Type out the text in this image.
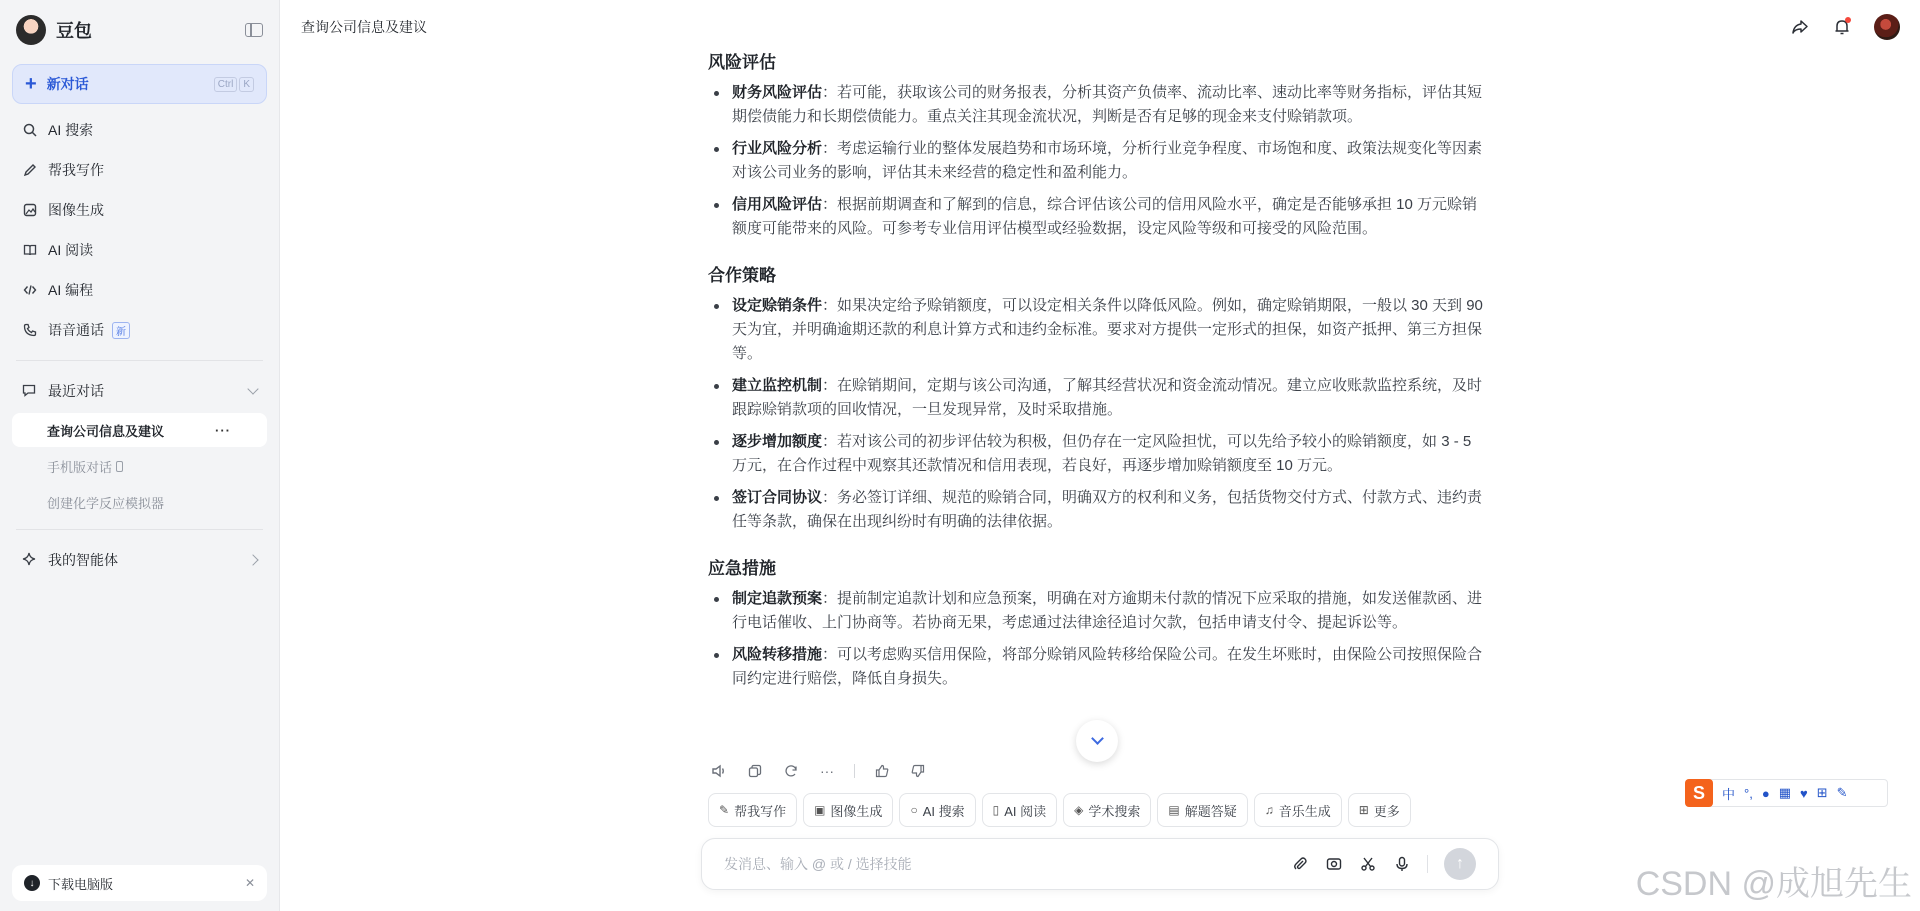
豆包
+ 新对话	Ctrl	K
AI 搜索
帮我写作
图像生成
AI 阅读
AI 编程
语音通话	新
最近对话
查询公司信息及建议	···
手机版对话
创建化学反应模拟器
我的智能体
↓	下载电脑版	✕
查询公司信息及建议
风险评估
财务风险评估：若可能，获取该公司的财务报表，分析其资产负债率、流动比率、速动比率等财务指标，评估其短期偿债能力和长期偿债能力。重点关注其现金流状况，判断是否有足够的现金来支付赊销款项。
行业风险分析：考虑运输行业的整体发展趋势和市场环境，分析行业竞争程度、市场饱和度、政策法规变化等因素对该公司业务的影响，评估其未来经营的稳定性和盈利能力。
信用风险评估：根据前期调查和了解到的信息，综合评估该公司的信用风险水平，确定是否能够承担 10 万元赊销额度可能带来的风险。可参考专业信用评估模型或经验数据，设定风险等级和可接受的风险范围。
合作策略
设定赊销条件：如果决定给予赊销额度，可以设定相关条件以降低风险。例如，确定赊销期限，一般以 30 天到 90 天为宜，并明确逾期还款的利息计算方式和违约金标准。要求对方提供一定形式的担保，如资产抵押、第三方担保等。
建立监控机制：在赊销期间，定期与该公司沟通，了解其经营状况和资金流动情况。建立应收账款监控系统，及时跟踪赊销款项的回收情况，一旦发现异常，及时采取措施。
逐步增加额度：若对该公司的初步评估较为积极，但仍存在一定风险担忧，可以先给予较小的赊销额度，如 3 - 5 万元，在合作过程中观察其还款情况和信用表现，若良好，再逐步增加赊销额度至 10 万元。
签订合同协议：务必签订详细、规范的赊销合同，明确双方的权利和义务，包括货物交付方式、付款方式、违约责任等条款，确保在出现纠纷时有明确的法律依据。
应急措施
制定追款预案：提前制定追款计划和应急预案，明确在对方逾期未付款的情况下应采取的措施，如发送催款函、进行电话催收、上门协商等。若协商无果，考虑通过法律途径追讨欠款，包括申请支付令、提起诉讼等。
风险转移措施：可以考虑购买信用保险，将部分赊销风险转移给保险公司。在发生坏账时，由保险公司按照保险合同约定进行赔偿，降低自身损失。
···
✎ 帮我写作 ▣ 图像生成 ○ AI 搜索 ▯ AI 阅读 ◈ 学术搜索 ▤ 解题答疑 ♫ 音乐生成 ⊞ 更多
发消息、输入 @ 或 / 选择技能	↑
S	中 °, ● ▦ ♥ ⊞ ✎
CSDN @成旭先生
